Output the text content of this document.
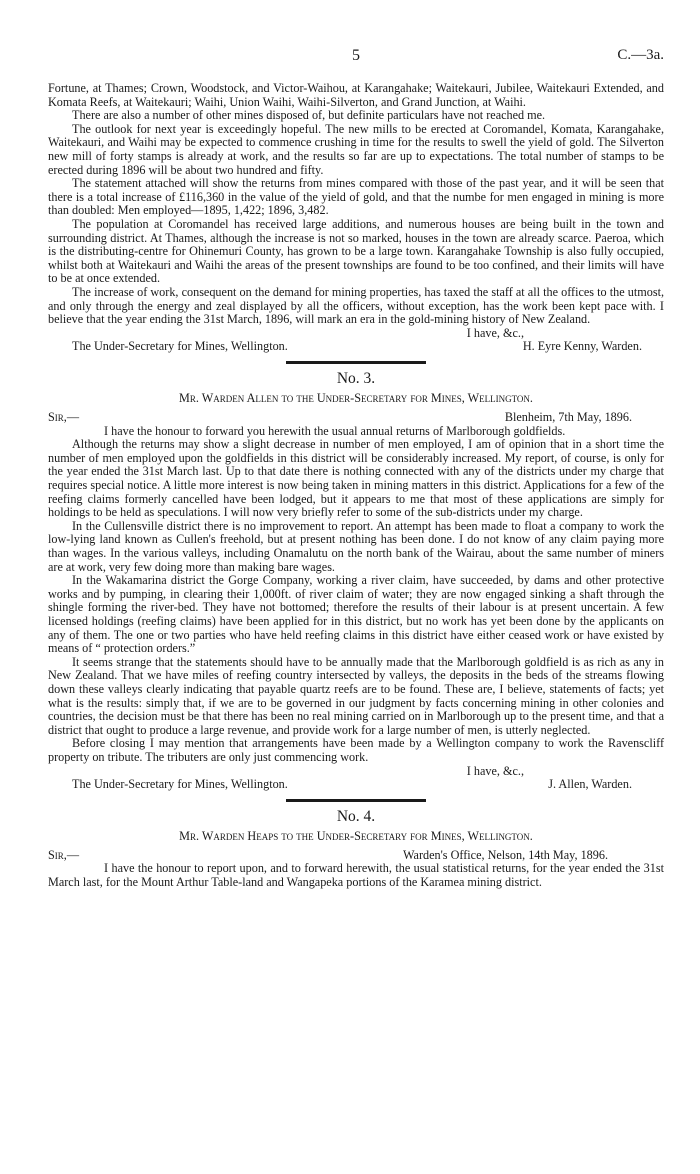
5	C.—3a.

Fortune, at Thames; Crown, Woodstock, and Victor-Waihou, at Karangahake; Waitekauri, Jubilee, Waitekauri Extended, and Komata Reefs, at Waitekauri; Waihi, Union Waihi, Waihi-Silverton, and Grand Junction, at Waihi.

There are also a number of other mines disposed of, but definite particulars have not reached me.

The outlook for next year is exceedingly hopeful. The new mills to be erected at Coromandel, Komata, Karangahake, Waitekauri, and Waihi may be expected to commence crushing in time for the results to swell the yield of gold. The Silverton new mill of forty stamps is already at work, and the results so far are up to expectations. The total number of stamps to be erected during 1896 will be about two hundred and fifty.

The statement attached will show the returns from mines compared with those of the past year, and it will be seen that there is a total increase of £116,360 in the value of the yield of gold, and that the numbe for men engaged in mining is more than doubled: Men employed—1895, 1,422; 1896, 3,482.

The population at Coromandel has received large additions, and numerous houses are being built in the town and surrounding district. At Thames, although the increase is not so marked, houses in the town are already scarce. Paeroa, which is the distributing-centre for Ohinemuri County, has grown to be a large town. Karangahake Township is also fully occupied, whilst both at Waitekauri and Waihi the areas of the present townships are found to be too confined, and their limits will have to be at once extended.

The increase of work, consequent on the demand for mining properties, has taxed the staff at all the offices to the utmost, and only through the energy and zeal displayed by all the officers, without exception, has the work been kept pace with. I believe that the year ending the 31st March, 1896, will mark an era in the gold-mining history of New Zealand.

I have, &c.,

The Under-Secretary for Mines, Wellington.	H. Eyre Kenny, Warden.
No. 3.

Mr. Warden Allen to the Under-Secretary for Mines, Wellington.

Sir,—	Blenheim, 7th May, 1896.

I have the honour to forward you herewith the usual annual returns of Marlborough goldfields.

Although the returns may show a slight decrease in number of men employed, I am of opinion that in a short time the number of men employed upon the goldfields in this district will be considerably increased. My report, of course, is only for the year ended the 31st March last. Up to that date there is nothing connected with any of the districts under my charge that requires special notice. A little more interest is now being taken in mining matters in this district. Applications for a few of the reefing claims formerly cancelled have been lodged, but it appears to me that most of these applications are simply for holdings to be held as speculations. I will now very briefly refer to some of the sub-districts under my charge.

In the Cullensville district there is no improvement to report. An attempt has been made to float a company to work the low-lying land known as Cullen's freehold, but at present nothing has been done. I do not know of any claim paying more than wages. In the various valleys, including Onamalutu on the north bank of the Wairau, about the same number of miners are at work, very few doing more than making bare wages.

In the Wakamarina district the Gorge Company, working a river claim, have succeeded, by dams and other protective works and by pumping, in clearing their 1,000ft. of river claim of water; they are now engaged sinking a shaft through the shingle forming the river-bed. They have not bottomed; therefore the results of their labour is at present uncertain. A few licensed holdings (reefing claims) have been applied for in this district, but no work has yet been done by the applicants on any of them. The one or two parties who have held reefing claims in this district have either ceased work or have existed by means of “ protection orders.”

It seems strange that the statements should have to be annually made that the Marlborough goldfield is as rich as any in New Zealand. That we have miles of reefing country intersected by valleys, the deposits in the beds of the streams flowing down these valleys clearly indicating that payable quartz reefs are to be found. These are, I believe, statements of facts; yet what is the results: simply that, if we are to be governed in our judgment by facts concerning mining in other colonies and countries, the decision must be that there has been no real mining carried on in Marlborough up to the present time, and that a district that ought to produce a large revenue, and provide work for a large number of men, is utterly neglected.

Before closing I may mention that arrangements have been made by a Wellington company to work the Ravenscliff property on tribute. The tributers are only just commencing work.

I have, &c.,

The Under-Secretary for Mines, Wellington.	J. Allen, Warden.
No. 4.

Mr. Warden Heaps to the Under-Secretary for Mines, Wellington.

Sir,—	Warden's Office, Nelson, 14th May, 1896.

I have the honour to report upon, and to forward herewith, the usual statistical returns, for the year ended the 31st March last, for the Mount Arthur Table-land and Wangapeka portions of the Karamea mining district.
